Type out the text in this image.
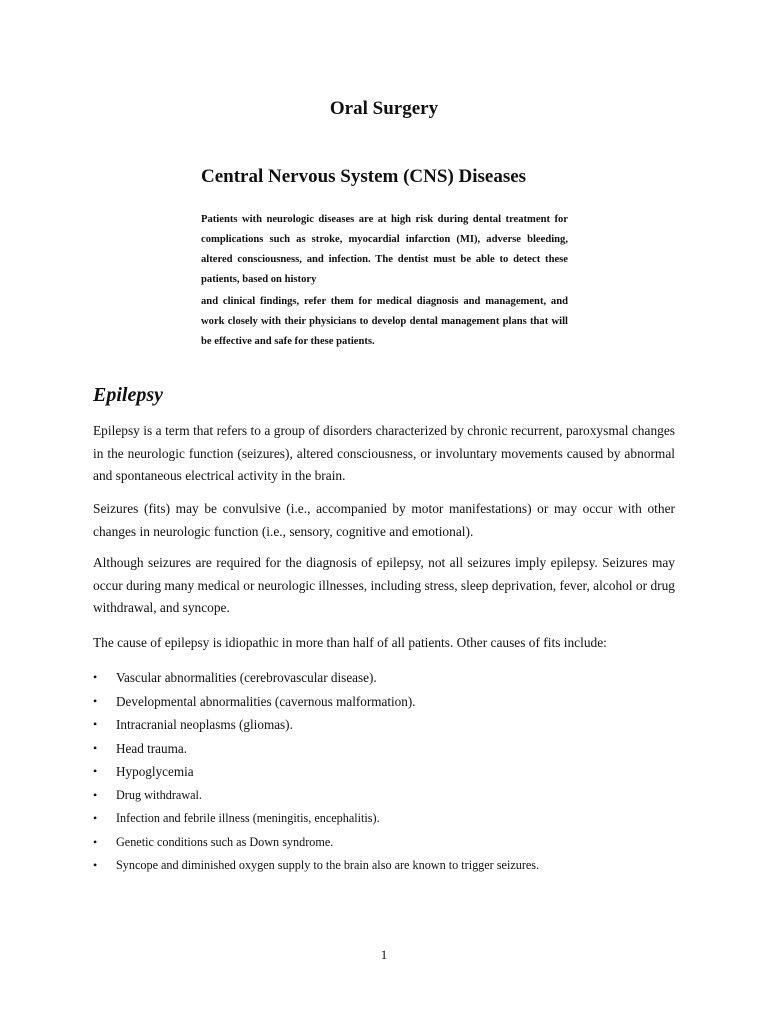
Oral Surgery
Central Nervous System (CNS) Diseases

Patients with neurologic diseases are at high risk during dental treatment for complications such as stroke, myocardial infarction (MI), adverse bleeding, altered consciousness, and infection. The dentist must be able to detect these patients, based on history

and clinical findings, refer them for medical diagnosis and management, and work closely with their physicians to develop dental management plans that will be effective and safe for these patients.

Epilepsy

Epilepsy is a term that refers to a group of disorders characterized by chronic recurrent, paroxysmal changes in the neurologic function (seizures), altered consciousness, or involuntary movements caused by abnormal and spontaneous electrical activity in the brain.

Seizures (fits) may be convulsive (i.e., accompanied by motor manifestations) or may occur with other changes in neurologic function (i.e., sensory, cognitive and emotional).

Although seizures are required for the diagnosis of epilepsy, not all seizures imply epilepsy. Seizures may occur during many medical or neurologic illnesses, including stress, sleep deprivation, fever, alcohol or drug withdrawal, and syncope.

The cause of epilepsy is idiopathic in more than half of all patients. Other causes of fits include:

• Vascular abnormalities (cerebrovascular disease).
• Developmental abnormalities (cavernous malformation).
• Intracranial neoplasms (gliomas).
• Head trauma.
• Hypoglycemia
• Drug withdrawal.
• Infection and febrile illness (meningitis, encephalitis).
• Genetic conditions such as Down syndrome.
• Syncope and diminished oxygen supply to the brain also are known to trigger seizures.

1
